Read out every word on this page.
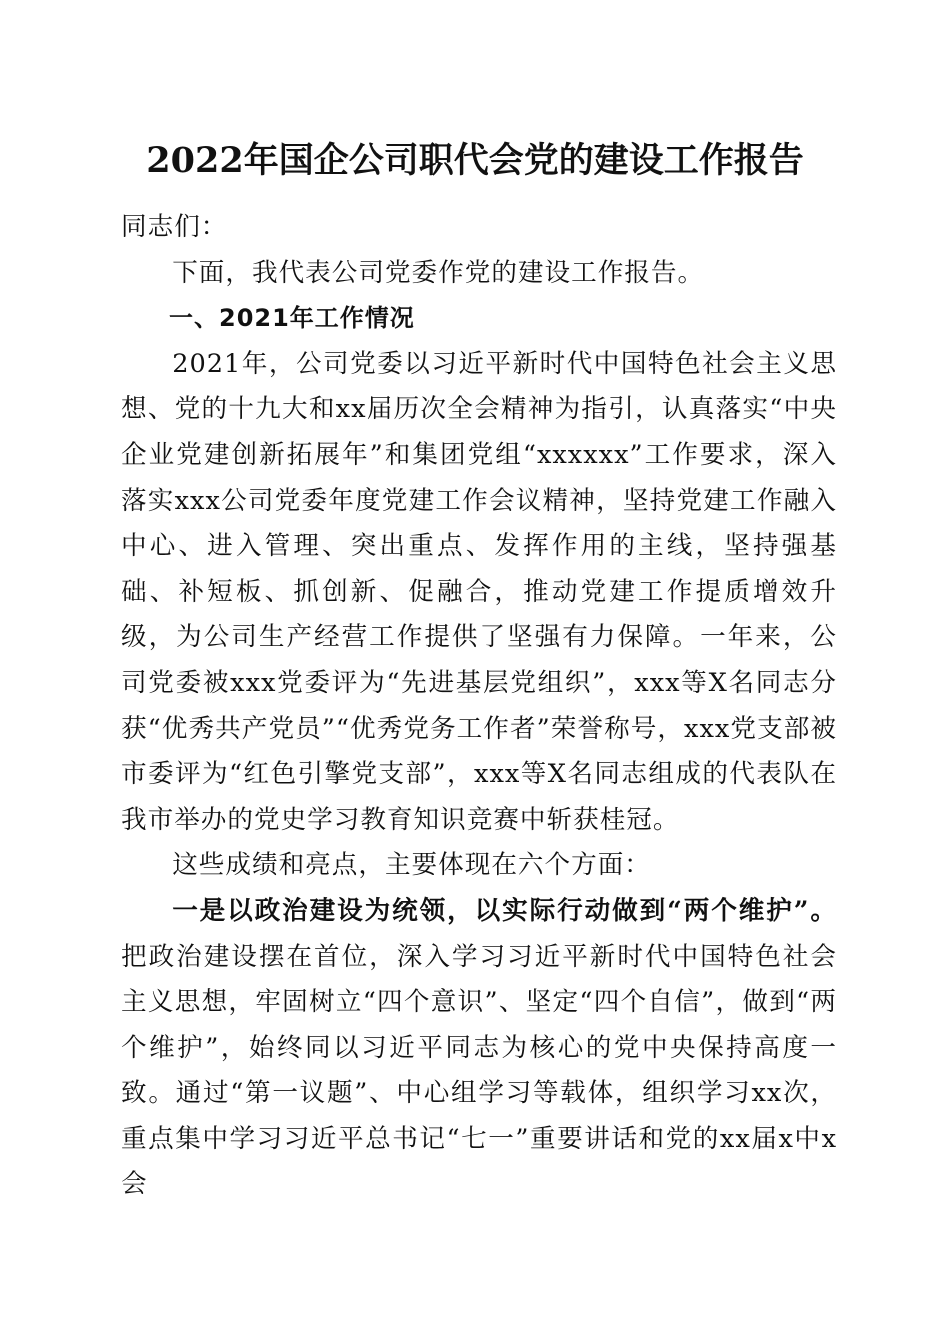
2022年国企公司职代会党的建设工作报告

同志们：

下面，我代表公司党委作党的建设工作报告。

一、2021年工作情况

2021年，公司党委以习近平新时代中国特色社会主义思想、党的十九大和xx届历次全会精神为指引，认真落实“中央企业党建创新拓展年”和集团党组“xxxxxx”工作要求，深入落实xxx公司党委年度党建工作会议精神，坚持党建工作融入中心、进入管理、突出重点、发挥作用的主线，坚持强基础、补短板、抓创新、促融合，推动党建工作提质增效升级，为公司生产经营工作提供了坚强有力保障。一年来，公司党委被xxx党委评为“先进基层党组织”，xxx等X名同志分获“优秀共产党员”“优秀党务工作者”荣誉称号，xxx党支部被市委评为“红色引擎党支部”，xxx等X名同志组成的代表队在我市举办的党史学习教育知识竞赛中斩获桂冠。

这些成绩和亮点，主要体现在六个方面：

一是以政治建设为统领，以实际行动做到“两个维护”。把政治建设摆在首位，深入学习习近平新时代中国特色社会主义思想，牢固树立“四个意识”、坚定“四个自信”，做到“两个维护”，始终同以习近平同志为核心的党中央保持高度一致。通过“第一议题”、中心组学习等载体，组织学习xx次，重点集中学习习近平总书记“七一”重要讲话和党的xx届x中x会
